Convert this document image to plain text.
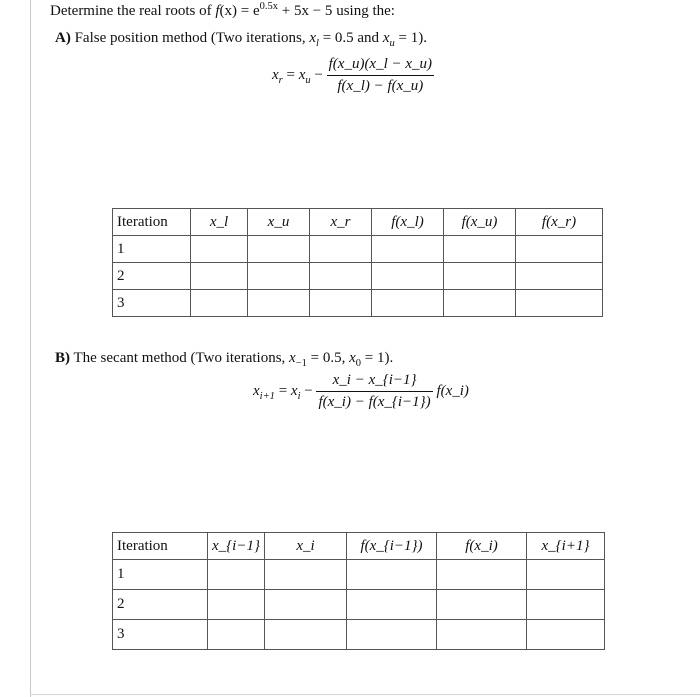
Determine the real roots of $f(x) = e^{0.5x} + 5x - 5$ using the:
A) False position method (Two iterations, $x_l = 0.5$ and $x_u = 1$).
$x_r = x_u - \frac{f(x\_u)(x\_l - x\_u)}{f(x\_l) - f(x\_u)}$
Iteration	x_l	x_u	x_r	f(x_l)	f(x_u)	f(x_r)
1						
2						
3						
B) The secant method (Two iterations, $x_{-1} = 0.5$, $x_0 = 1$).
$x_{i+1} = x_i - \frac{x\_i - x\_\{i-1\}}{f(x\_i) - f(x\_\{i-1\})}$ f(x_i)
Iteration	x_{i−1}	x_i	f(x_{i−1})	f(x_i)	x_{i+1}
1					
2					
3					
